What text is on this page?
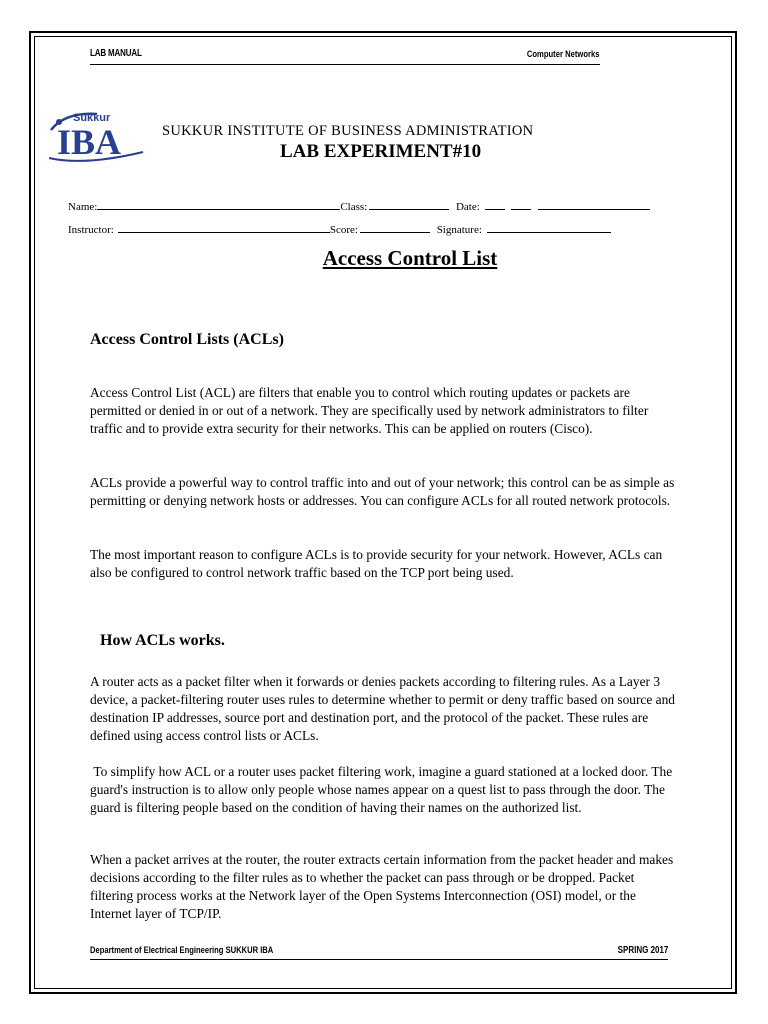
LAB MANUAL	Computer Networks
Sukkur
IBA	SUKKUR INSTITUTE OF BUSINESS ADMINISTRATION
LAB EXPERIMENT#10
Name:	Class:	Date:
Instructor:	Score:	Signature:
Access Control List
Access Control Lists (ACLs)
Access Control List (ACL) are filters that enable you to control which routing updates or packets are permitted or denied in or out of a network. They are specifically used by network administrators to filter traffic and to provide extra security for their networks. This can be applied on routers (Cisco).
ACLs provide a powerful way to control traffic into and out of your network; this control can be as simple as permitting or denying network hosts or addresses. You can configure ACLs for all routed network protocols.
The most important reason to configure ACLs is to provide security for your network. However, ACLs can also be configured to control network traffic based on the TCP port being used.
How ACLs works.
A router acts as a packet filter when it forwards or denies packets according to filtering rules. As a Layer 3 device, a packet-filtering router uses rules to determine whether to permit or deny traffic based on source and destination IP addresses, source port and destination port, and the protocol of the packet. These rules are defined using access control lists or ACLs.
To simplify how ACL or a router uses packet filtering work, imagine a guard stationed at a locked door. The guard's instruction is to allow only people whose names appear on a quest list to pass through the door. The guard is filtering people based on the condition of having their names on the authorized list.
When a packet arrives at the router, the router extracts certain information from the packet header and makes decisions according to the filter rules as to whether the packet can pass through or be dropped. Packet filtering process works at the Network layer of the Open Systems Interconnection (OSI) model, or the Internet layer of TCP/IP.
Department of Electrical Engineering SUKKUR IBA	SPRING 2017
